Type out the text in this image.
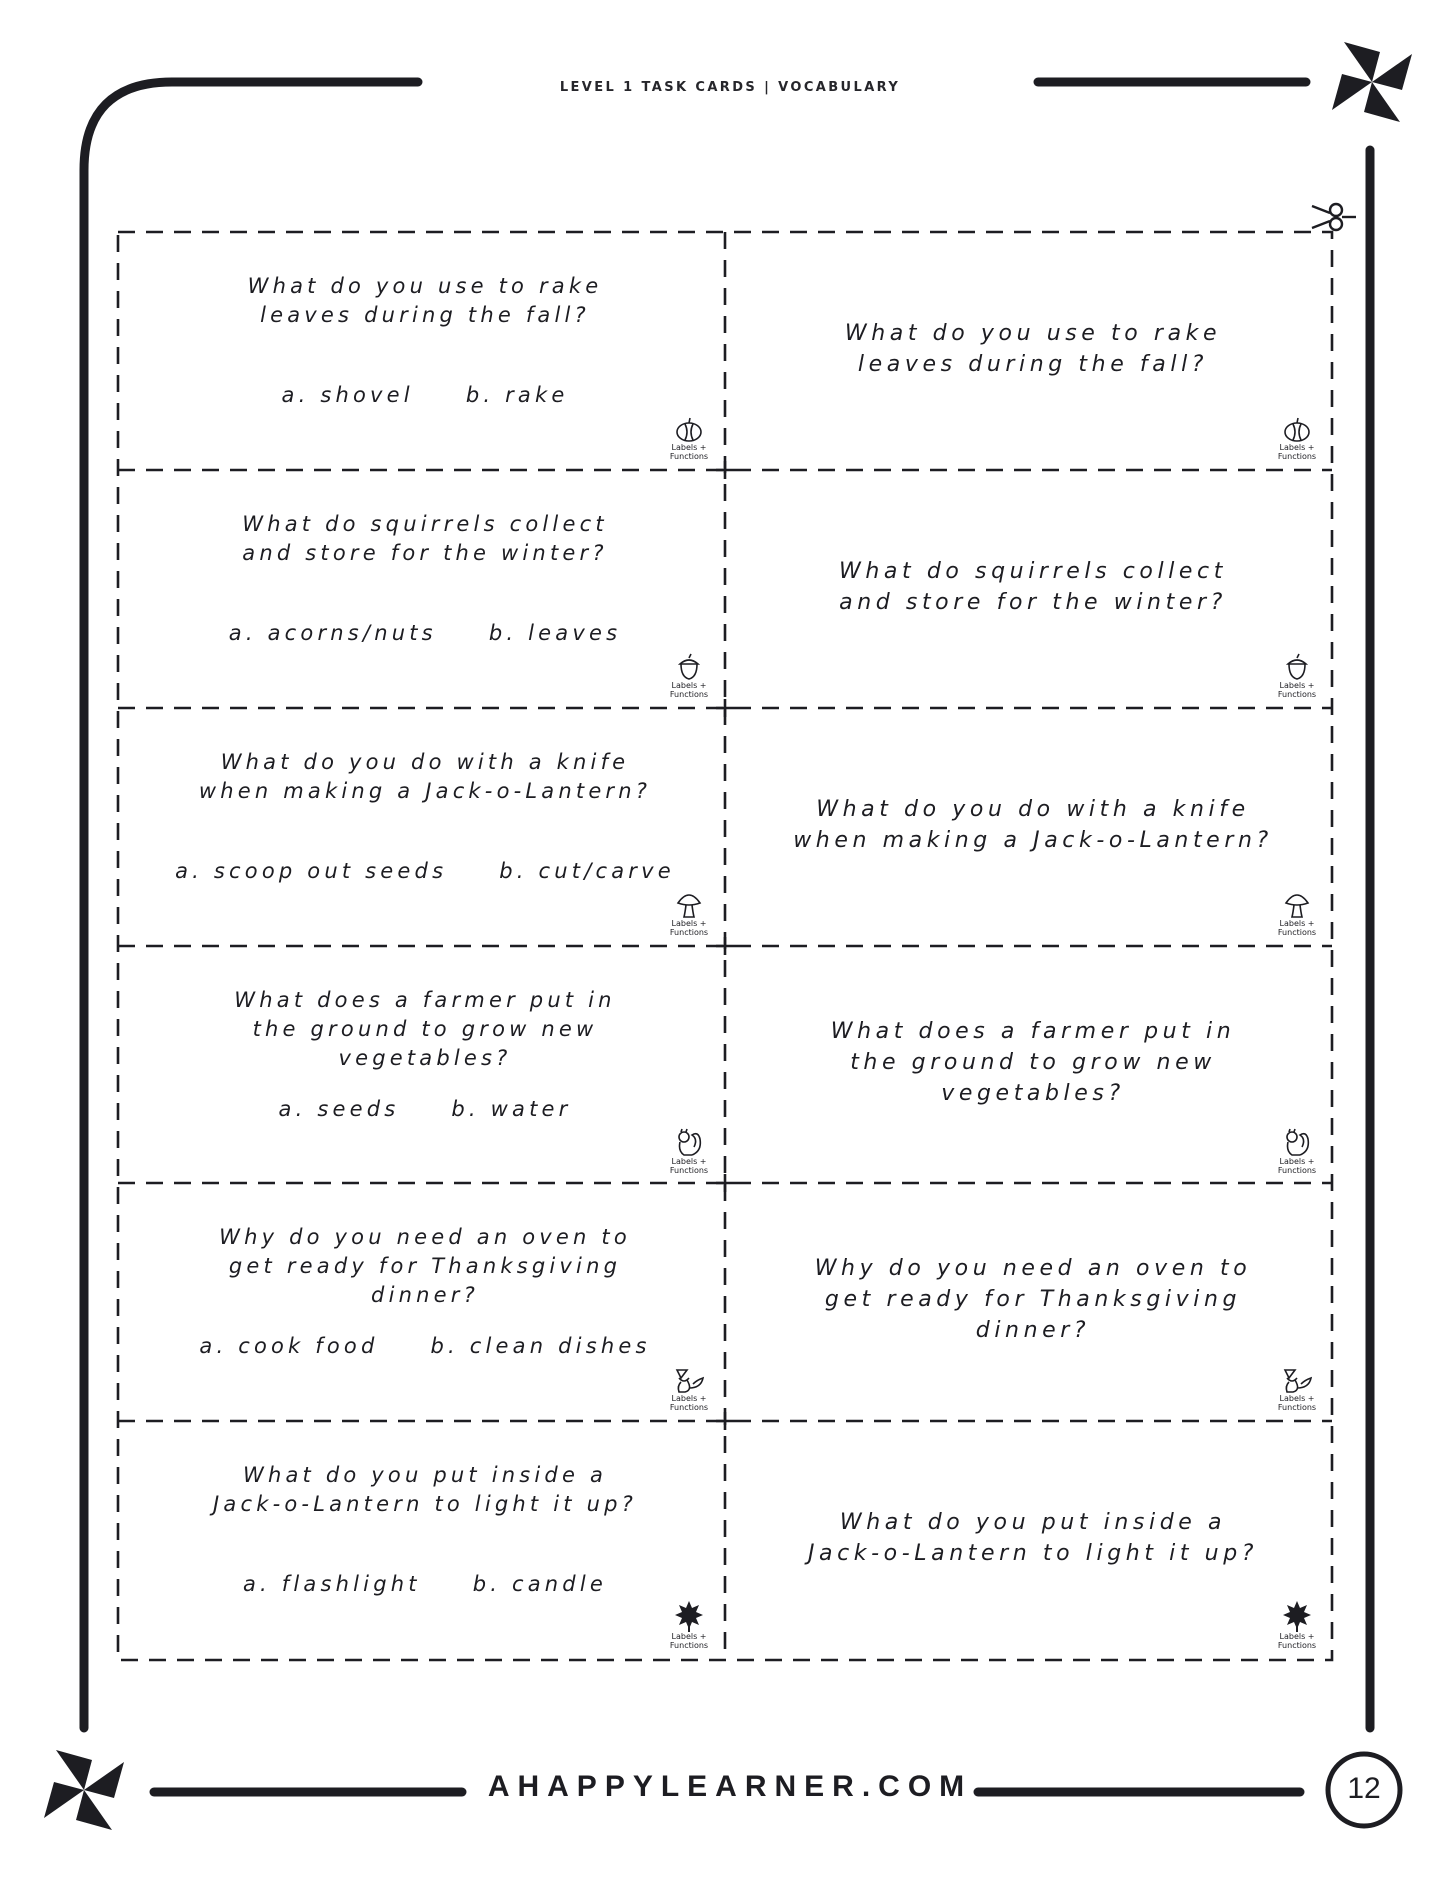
LEVEL 1 TASK CARDS | VOCABULARY
AHAPPYLEARNER.COM	12
What do you use to rake
leaves during the fall?
a. shovel b. rake
Labels +
Functions
What do you use to rake
leaves during the fall?
Labels +
Functions
What do squirrels collect
and store for the winter?
a. acorns/nuts b. leaves
Labels +
Functions
What do squirrels collect
and store for the winter?
Labels +
Functions
What do you do with a knife
when making a Jack-o-Lantern?
a. scoop out seeds b. cut/carve
Labels +
Functions
What do you do with a knife
when making a Jack-o-Lantern?
Labels +
Functions
What does a farmer put in
the ground to grow new
vegetables?
a. seeds b. water
Labels +
Functions
What does a farmer put in
the ground to grow new
vegetables?
Labels +
Functions
Why do you need an oven to
get ready for Thanksgiving
dinner?
a. cook food b. clean dishes
Labels +
Functions
Why do you need an oven to
get ready for Thanksgiving
dinner?
Labels +
Functions
What do you put inside a
Jack-o-Lantern to light it up?
a. flashlight b. candle
Labels +
Functions
What do you put inside a
Jack-o-Lantern to light it up?
Labels +
Functions
